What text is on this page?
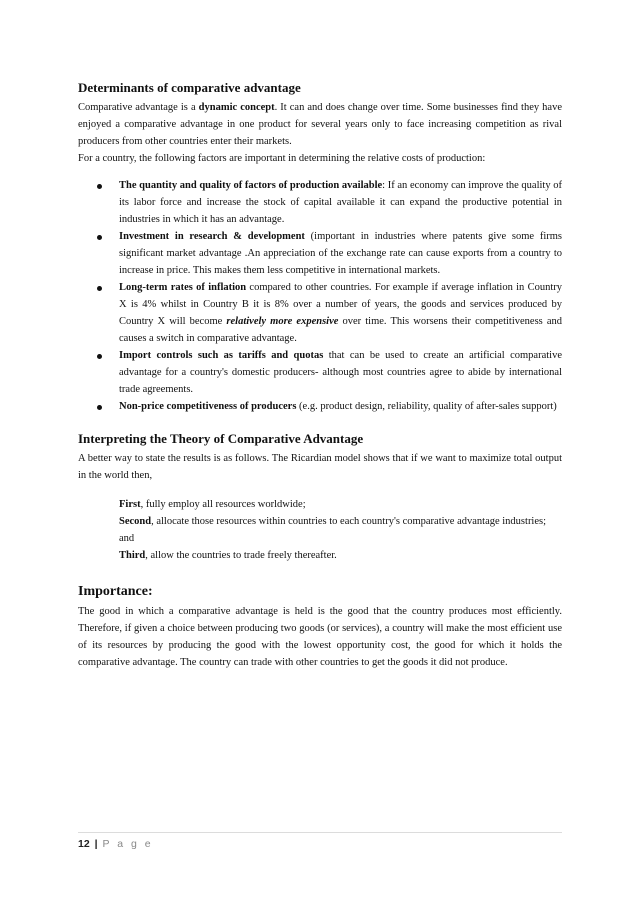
Determinants of comparative advantage

Comparative advantage is a dynamic concept. It can and does change over time. Some businesses find they have enjoyed a comparative advantage in one product for several years only to face increasing competition as rival producers from other countries enter their markets.

For a country, the following factors are important in determining the relative costs of production:

The quantity and quality of factors of production available: If an economy can improve the quality of its labor force and increase the stock of capital available it can expand the productive potential in industries in which it has an advantage.
Investment in research & development (important in industries where patents give some firms significant market advantage .An appreciation of the exchange rate can cause exports from a country to increase in price. This makes them less competitive in international markets.
Long-term rates of inflation compared to other countries. For example if average inflation in Country X is 4% whilst in Country B it is 8% over a number of years, the goods and services produced by Country X will become relatively more expensive over time. This worsens their competitiveness and causes a switch in comparative advantage.
Import controls such as tariffs and quotas that can be used to create an artificial comparative advantage for a country's domestic producers- although most countries agree to abide by international trade agreements.
Non-price competitiveness of producers (e.g. product design, reliability, quality of after-sales support)
Interpreting the Theory of Comparative Advantage

A better way to state the results is as follows. The Ricardian model shows that if we want to maximize total output in the world then,

First, fully employ all resources worldwide;

Second, allocate those resources within countries to each country's comparative advantage industries; and

Third, allow the countries to trade freely thereafter.

Importance:

The good in which a comparative advantage is held is the good that the country produces most efficiently. Therefore, if given a choice between producing two goods (or services), a country will make the most efficient use of its resources by producing the good with the lowest opportunity cost, the good for which it holds the comparative advantage. The country can trade with other countries to get the goods it did not produce.

12 | P a g e
